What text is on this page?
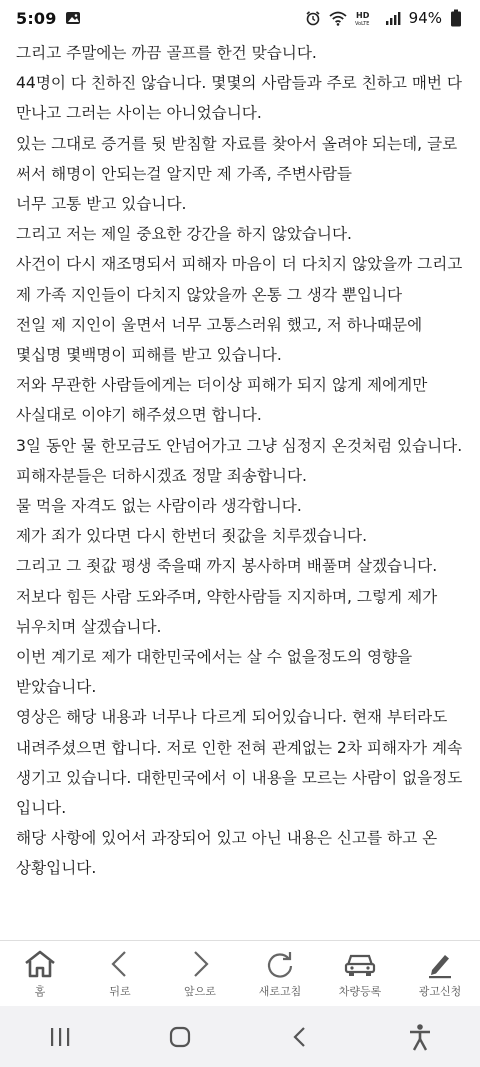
5:09	HD
VoLTE	94%

그리고 주말에는 까끔 골프를 한건 맞습니다.

44명이 다 친하진 않습니다. 몇몇의 사람들과 주로 친하고 매번 다 만나고 그러는 사이는 아니었습니다.

있는 그대로 증거를 뒷 받침할 자료를 찾아서 올려야 되는데, 글로 써서 해명이 안되는걸 알지만 제 가족, 주변사람들

너무 고통 받고 있습니다.

그리고 저는 제일 중요한 강간을 하지 않았습니다.

사건이 다시 재조명되서 피해자 마음이 더 다치지 않았을까 그리고 제 가족 지인들이 다치지 않았을까 온통 그 생각 뿐입니다

전일 제 지인이 울면서 너무 고통스러워 했고, 저 하나때문에 몇십명 몇백명이 피해를 받고 있습니다.

저와 무관한 사람들에게는 더이상 피해가 되지 않게 제에게만 사실대로 이야기 해주셨으면 합니다.

3일 동안 물 한모금도 안넘어가고 그냥 심정지 온것처럼 있습니다.

피해자분들은 더하시겠죠 정말 죄송합니다.

물 먹을 자격도 없는 사람이라 생각합니다.

제가 죄가 있다면 다시 한번더 죗값을 치루겠습니다.

그리고 그 죗값 평생 죽을때 까지 봉사하며 배풀며 살겠습니다.

저보다 힘든 사람 도와주며, 약한사람들 지지하며, 그렇게 제가 뉘우치며 살겠습니다.

이번 계기로 제가 대한민국에서는 살 수 없을정도의 영향을 받았습니다.

영상은 해당 내용과 너무나 다르게 되어있습니다. 현재 부터라도 내려주셨으면 합니다. 저로 인한 전혀 관계없는 2차 피해자가 계속 생기고 있습니다. 대한민국에서 이 내용을 모르는 사람이 없을정도 입니다.

해당 사항에 있어서 과장되어 있고 아닌 내용은 신고를 하고 온 상황입니다.

홈	뒤로	앞으로	새로고침	차량등록	광고신청
